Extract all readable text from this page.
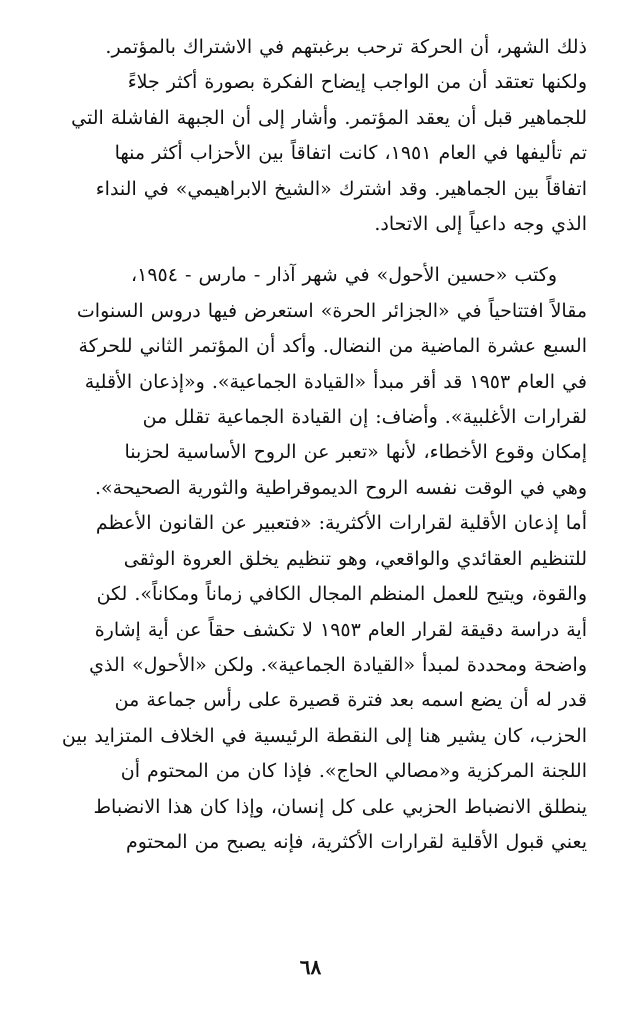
ذلك الشهر، أن الحركة ترحب برغبتهم في الاشتراك بالمؤتمر.
ولكنها تعتقد أن من الواجب إيضاح الفكرة بصورة أكثر جلاءً
للجماهير قبل أن يعقد المؤتمر. وأشار إلى أن الجبهة الفاشلة التي
تم تأليفها في العام ١٩٥١، كانت اتفاقاً بين الأحزاب أكثر منها
اتفاقاً بين الجماهير. وقد اشترك «الشيخ الابراهيمي» في النداء
الذي وجه داعياً إلى الاتحاد.
وكتب «حسين الأحول» في شهر آذار - مارس - ١٩٥٤،
مقالاً افتتاحياً في «الجزائر الحرة» استعرض فيها دروس السنوات
السبع عشرة الماضية من النضال. وأكد أن المؤتمر الثاني للحركة
في العام ١٩٥٣ قد أقر مبدأ «القيادة الجماعية». و«إذعان الأقلية
لقرارات الأغلبية». وأضاف: إن القيادة الجماعية تقلل من
إمكان وقوع الأخطاء، لأنها «تعبر عن الروح الأساسية لحزبنا
وهي في الوقت نفسه الروح الديموقراطية والثورية الصحيحة».
أما إذعان الأقلية لقرارات الأكثرية: «فتعبير عن القانون الأعظم
للتنظيم العقائدي والواقعي، وهو تنظيم يخلق العروة الوثقى
والقوة، ويتيح للعمل المنظم المجال الكافي زماناً ومكاناً». لكن
أية دراسة دقيقة لقرار العام ١٩٥٣ لا تكشف حقاً عن أية إشارة
واضحة ومحددة لمبدأ «القيادة الجماعية». ولكن «الأحول» الذي
قدر له أن يضع اسمه بعد فترة قصيرة على رأس جماعة من
الحزب، كان يشير هنا إلى النقطة الرئيسية في الخلاف المتزايد بين
اللجنة المركزية و«مصالي الحاج». فإذا كان من المحتوم أن
ينطلق الانضباط الحزبي على كل إنسان، وإذا كان هذا الانضباط
يعني قبول الأقلية لقرارات الأكثرية، فإنه يصبح من المحتوم
٦٨
